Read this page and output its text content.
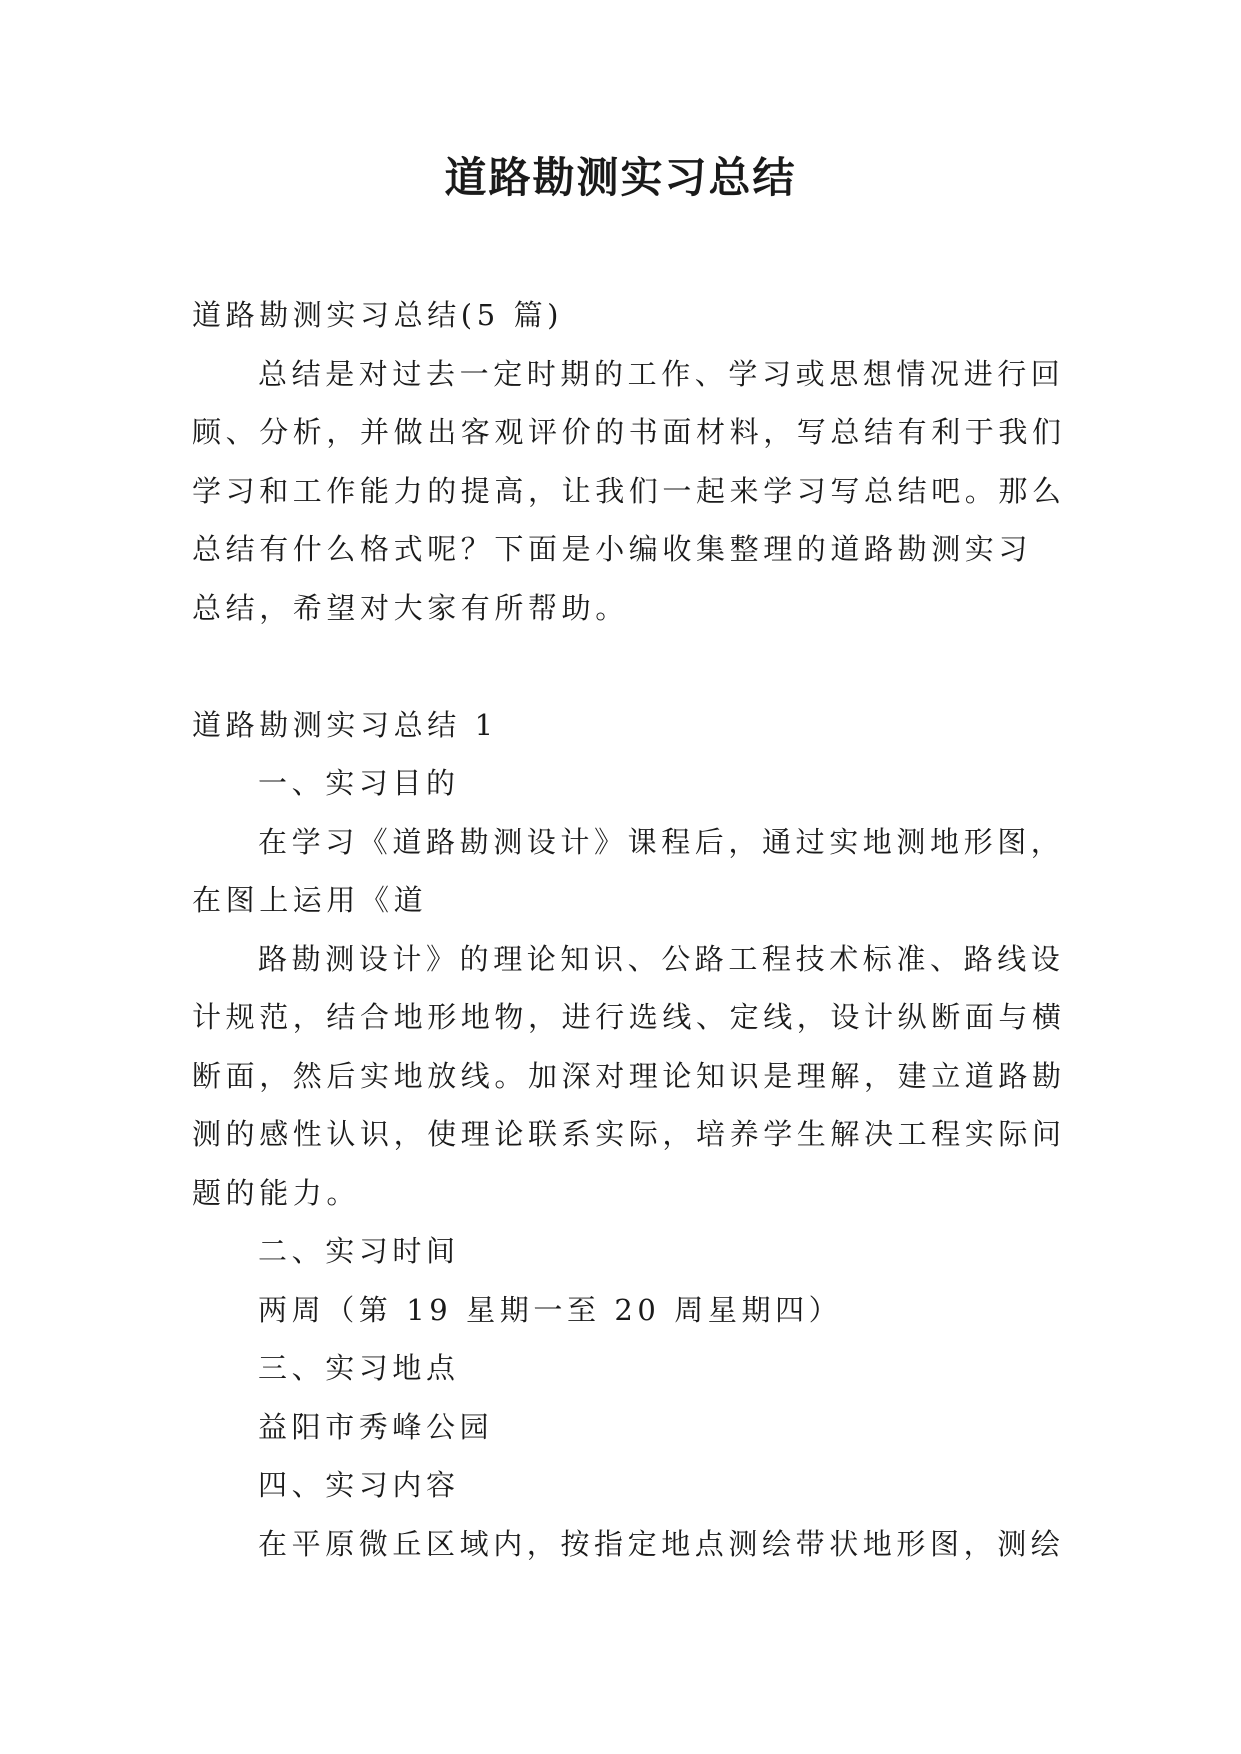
道路勘测实习总结
道路勘测实习总结(5 篇)
总结是对过去一定时期的工作、学习或思想情况进行回
顾、分析，并做出客观评价的书面材料，写总结有利于我们
学习和工作能力的提高，让我们一起来学习写总结吧。那么
总结有什么格式呢？下面是小编收集整理的道路勘测实习
总结，希望对大家有所帮助。
道路勘测实习总结 1
一、实习目的
在学习《道路勘测设计》课程后，通过实地测地形图，
在图上运用《道
路勘测设计》的理论知识、公路工程技术标准、路线设
计规范，结合地形地物，进行选线、定线，设计纵断面与横
断面，然后实地放线。加深对理论知识是理解，建立道路勘
测的感性认识，使理论联系实际，培养学生解决工程实际问
题的能力。
二、实习时间
两周（第 19 星期一至 20 周星期四）
三、实习地点
益阳市秀峰公园
四、实习内容
在平原微丘区域内，按指定地点测绘带状地形图，测绘
